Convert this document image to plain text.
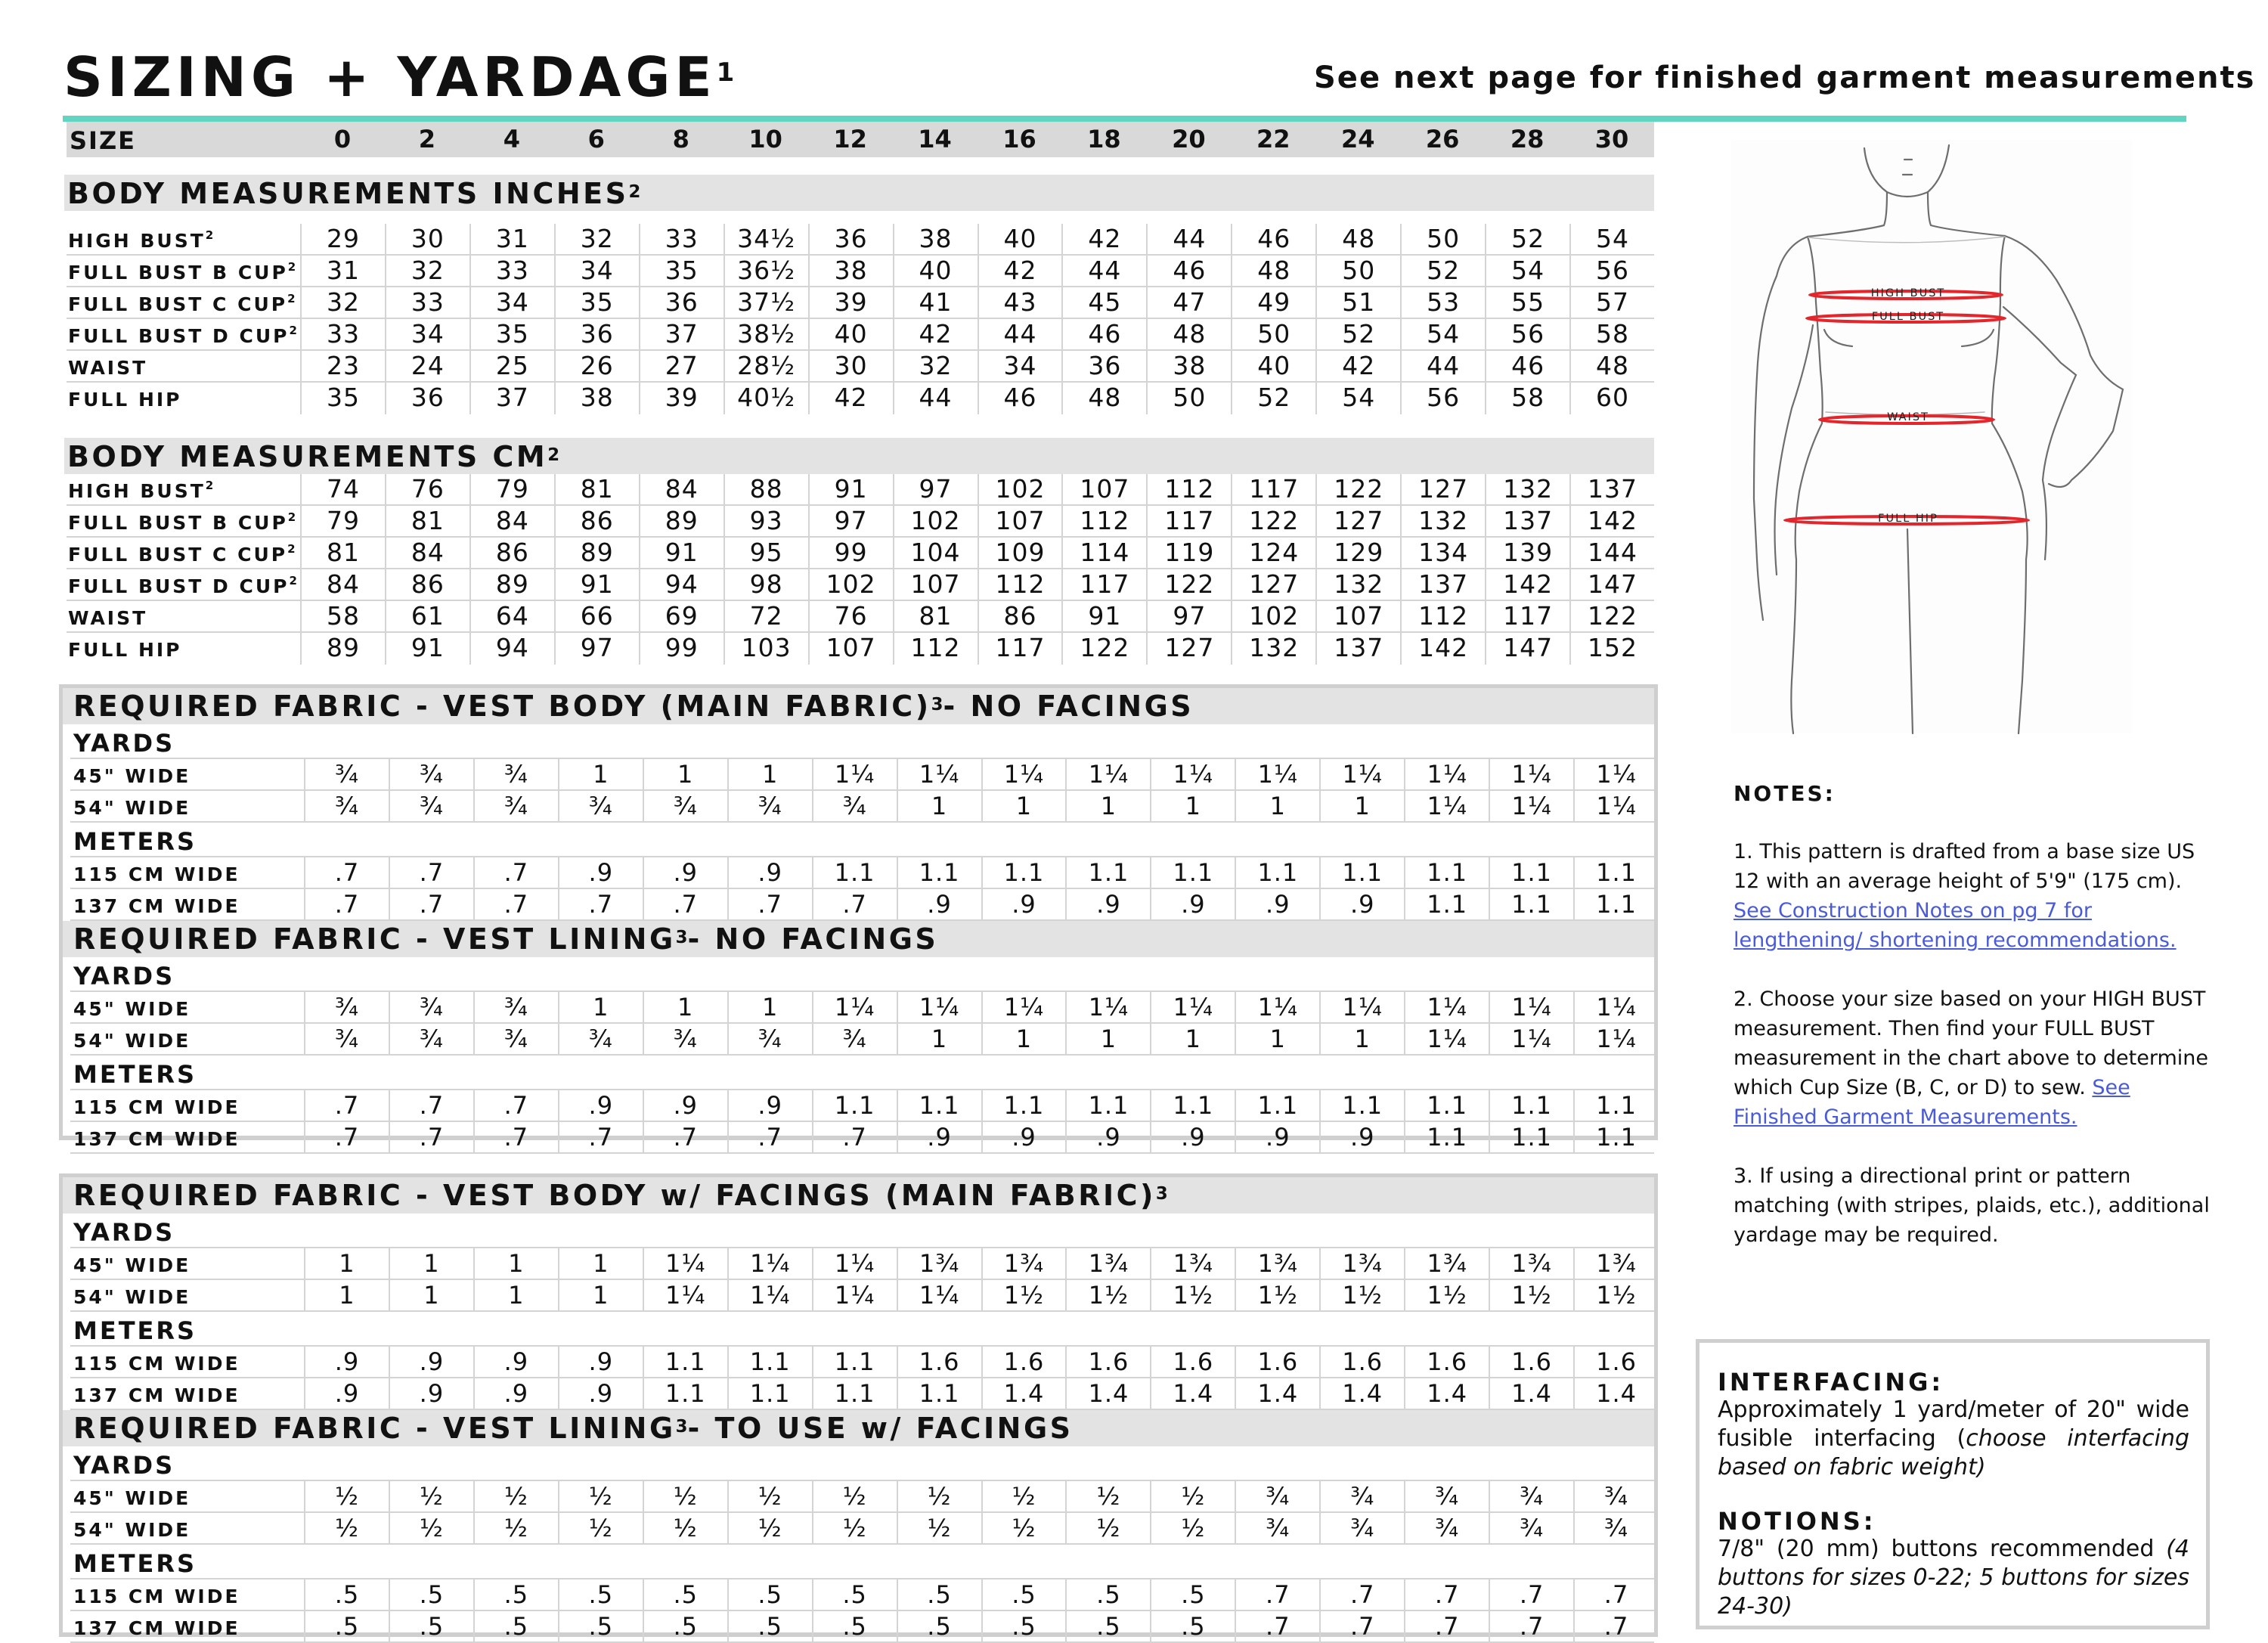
SIZING + $YARDAGE^1$	See next page for finished garment measurements
SIZE	0	2	4	6	8	10	12	14	16	18	20	22	24	26	28	30
BODY MEASUREMENTS INCHES$^2$
HIGH BUST$^2$	29	30	31	32	33	34½	36	38	40	42	44	46	48	50	52	54
FULL BUST B CUP$^2$	31	32	33	34	35	36½	38	40	42	44	46	48	50	52	54	56
FULL BUST C CUP$^2$	32	33	34	35	36	37½	39	41	43	45	47	49	51	53	55	57
FULL BUST D CUP$^2$	33	34	35	36	37	38½	40	42	44	46	48	50	52	54	56	58
WAIST	23	24	25	26	27	28½	30	32	34	36	38	40	42	44	46	48
FULL HIP	35	36	37	38	39	40½	42	44	46	48	50	52	54	56	58	60
BODY MEASUREMENTS $CM^2$
HIGH BUST$^2$	74	76	79	81	84	88	91	97	102	107	112	117	122	127	132	137
FULL BUST B CUP$^2$	79	81	84	86	89	93	97	102	107	112	117	122	127	132	137	142
FULL BUST C CUP$^2$	81	84	86	89	91	95	99	104	109	114	119	124	129	134	139	144
FULL BUST D CUP$^2$	84	86	89	91	94	98	102	107	112	117	122	127	132	137	142	147
WAIST	58	61	64	66	69	72	76	81	86	91	97	102	107	112	117	122
FULL HIP	89	91	94	97	99	103	107	112	117	122	127	132	137	142	147	152
REQUIRED FABRIC - VEST BODY (MAIN FABRIC)$^3$- NO FACINGS
YARDS
45" WIDE	¾	¾	¾	1	1	1	1¼	1¼	1¼	1¼	1¼	1¼	1¼	1¼	1¼	1¼
54" WIDE	¾	¾	¾	¾	¾	¾	¾	1	1	1	1	1	1	1¼	1¼	1¼
METERS
115 CM WIDE	.7	.7	.7	.9	.9	.9	1.1	1.1	1.1	1.1	1.1	1.1	1.1	1.1	1.1	1.1
137 CM WIDE	.7	.7	.7	.7	.7	.7	.7	.9	.9	.9	.9	.9	.9	1.1	1.1	1.1
REQUIRED FABRIC - VEST LINING$^3$- NO FACINGS
YARDS
45" WIDE	¾	¾	¾	1	1	1	1¼	1¼	1¼	1¼	1¼	1¼	1¼	1¼	1¼	1¼
54" WIDE	¾	¾	¾	¾	¾	¾	¾	1	1	1	1	1	1	1¼	1¼	1¼
METERS
115 CM WIDE	.7	.7	.7	.9	.9	.9	1.1	1.1	1.1	1.1	1.1	1.1	1.1	1.1	1.1	1.1
137 CM WIDE	.7	.7	.7	.7	.7	.7	.7	.9	.9	.9	.9	.9	.9	1.1	1.1	1.1
REQUIRED FABRIC - VEST BODY w/ FACINGS (MAIN FABRIC)$^3$
YARDS
45" WIDE	1	1	1	1	1¼	1¼	1¼	1¾	1¾	1¾	1¾	1¾	1¾	1¾	1¾	1¾
54" WIDE	1	1	1	1	1¼	1¼	1¼	1¼	1½	1½	1½	1½	1½	1½	1½	1½
METERS
115 CM WIDE	.9	.9	.9	.9	1.1	1.1	1.1	1.6	1.6	1.6	1.6	1.6	1.6	1.6	1.6	1.6
137 CM WIDE	.9	.9	.9	.9	1.1	1.1	1.1	1.1	1.4	1.4	1.4	1.4	1.4	1.4	1.4	1.4
REQUIRED FABRIC - VEST LINING$^3$- TO USE w/ FACINGS
YARDS
45" WIDE	½	½	½	½	½	½	½	½	½	½	½	¾	¾	¾	¾	¾
54" WIDE	½	½	½	½	½	½	½	½	½	½	½	¾	¾	¾	¾	¾
METERS
115 CM WIDE	.5	.5	.5	.5	.5	.5	.5	.5	.5	.5	.5	.7	.7	.7	.7	.7
137 CM WIDE	.5	.5	.5	.5	.5	.5	.5	.5	.5	.5	.5	.7	.7	.7	.7	.7
HIGH BUST
FULL BUST
WAIST
FULL HIP
NOTES:

1. This pattern is drafted from a base size US 12 with an average height of 5'9" (175 cm). See Construction Notes on pg 7 for lengthening/ shortening recommendations.

2. Choose your size based on your HIGH BUST measurement. Then find your FULL BUST measurement in the chart above to determine which Cup Size (B, C, or D) to sew. See Finished Garment Measurements.

3. If using a directional print or pattern matching (with stripes, plaids, etc.), additional yardage may be required.

INTERFACING:

Approximately 1 yard/meter of 20" wide fusible interfacing (choose interfacing based on fabric weight)

NOTIONS:

7/8" (20 mm) buttons recommended (4 buttons for sizes 0-22; 5 buttons for sizes 24-30)
